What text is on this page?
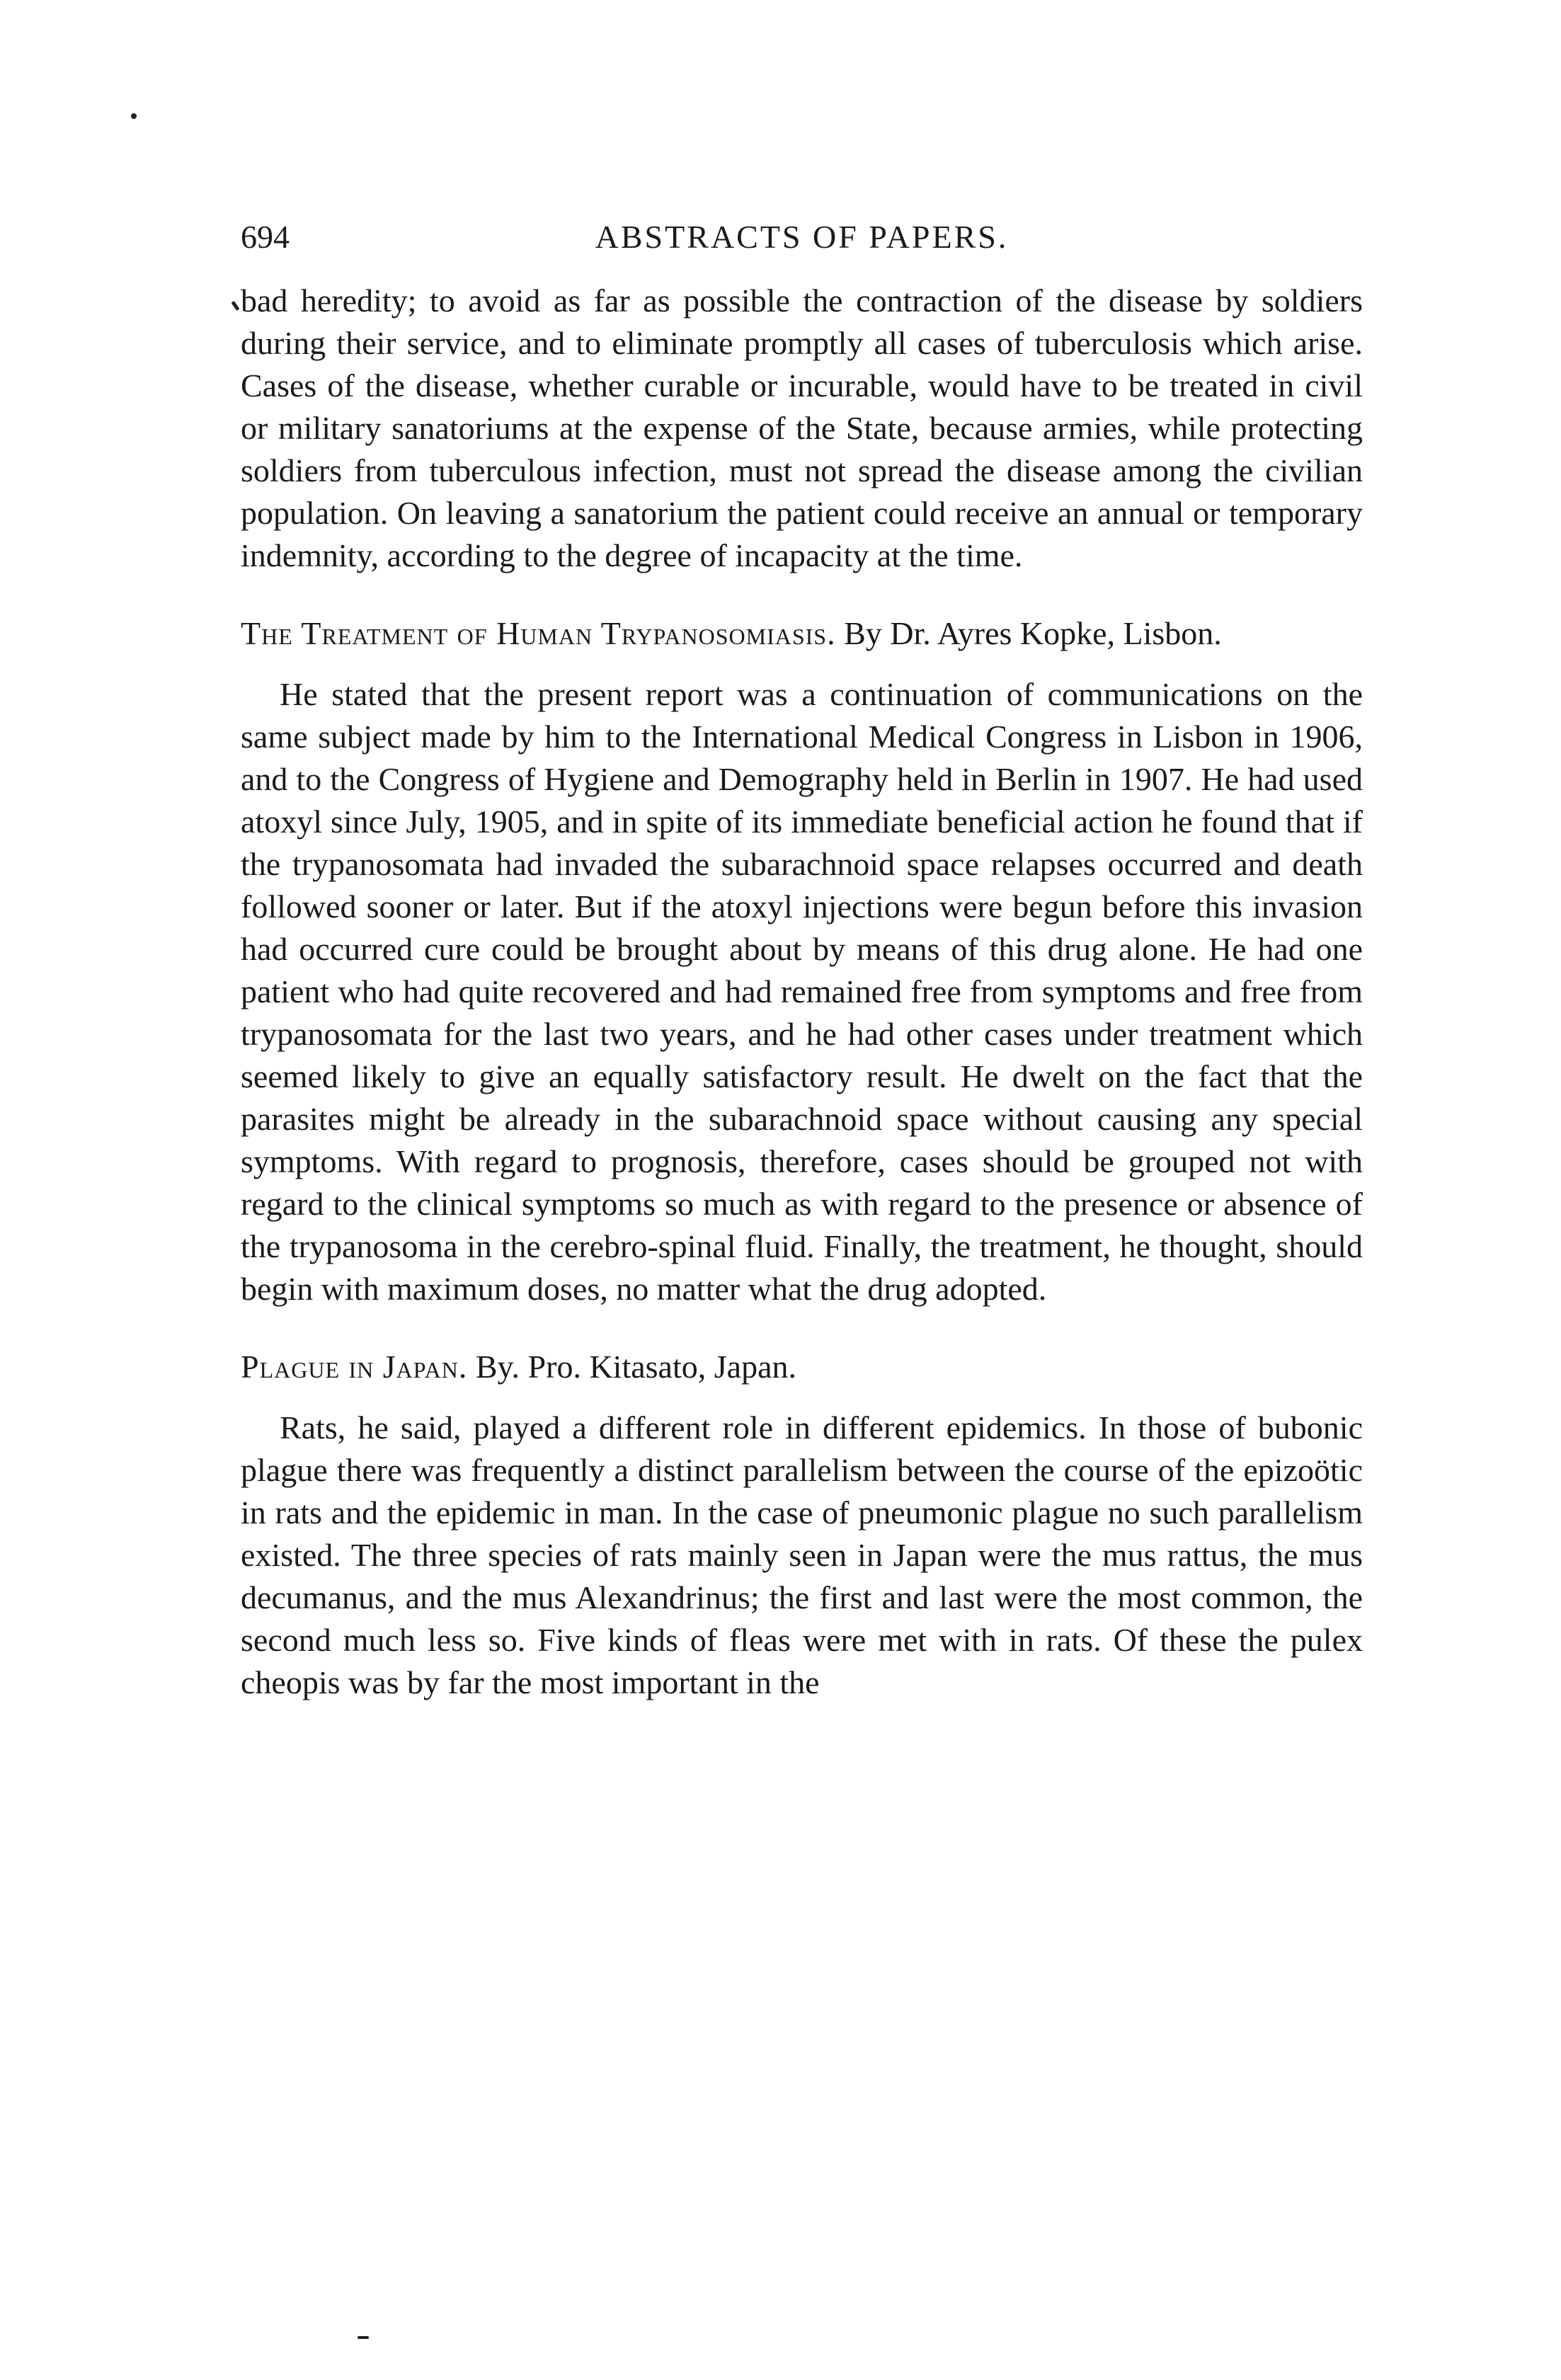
694	ABSTRACTS OF PAPERS.

bad heredity; to avoid as far as possible the contraction of the disease by soldiers during their service, and to eliminate promptly all cases of tuberculosis which arise. Cases of the disease, whether curable or incurable, would have to be treated in civil or military sanatoriums at the expense of the State, because armies, while protecting soldiers from tuberculous infection, must not spread the disease among the civilian population. On leaving a sanatorium the patient could receive an annual or temporary indemnity, according to the degree of incapacity at the time.

The Treatment of Human Trypanosomiasis. By Dr. Ayres Kopke, Lisbon.

He stated that the present report was a continuation of communications on the same subject made by him to the International Medical Congress in Lisbon in 1906, and to the Congress of Hygiene and Demography held in Berlin in 1907. He had used atoxyl since July, 1905, and in spite of its immediate beneficial action he found that if the trypanosomata had invaded the subarachnoid space relapses occurred and death followed sooner or later. But if the atoxyl injections were begun before this invasion had occurred cure could be brought about by means of this drug alone. He had one patient who had quite recovered and had remained free from symptoms and free from trypanosomata for the last two years, and he had other cases under treatment which seemed likely to give an equally satisfactory result. He dwelt on the fact that the parasites might be already in the subarachnoid space without causing any special symptoms. With regard to prognosis, therefore, cases should be grouped not with regard to the clinical symptoms so much as with regard to the presence or absence of the trypanosoma in the cerebro-spinal fluid. Finally, the treatment, he thought, should begin with maximum doses, no matter what the drug adopted.

Plague in Japan. By. Pro. Kitasato, Japan.

Rats, he said, played a different role in different epidemics. In those of bubonic plague there was frequently a distinct parallelism between the course of the epizoötic in rats and the epidemic in man. In the case of pneumonic plague no such parallelism existed. The three species of rats mainly seen in Japan were the mus rattus, the mus decumanus, and the mus Alexandrinus; the first and last were the most common, the second much less so. Five kinds of fleas were met with in rats. Of these the pulex cheopis was by far the most important in the
